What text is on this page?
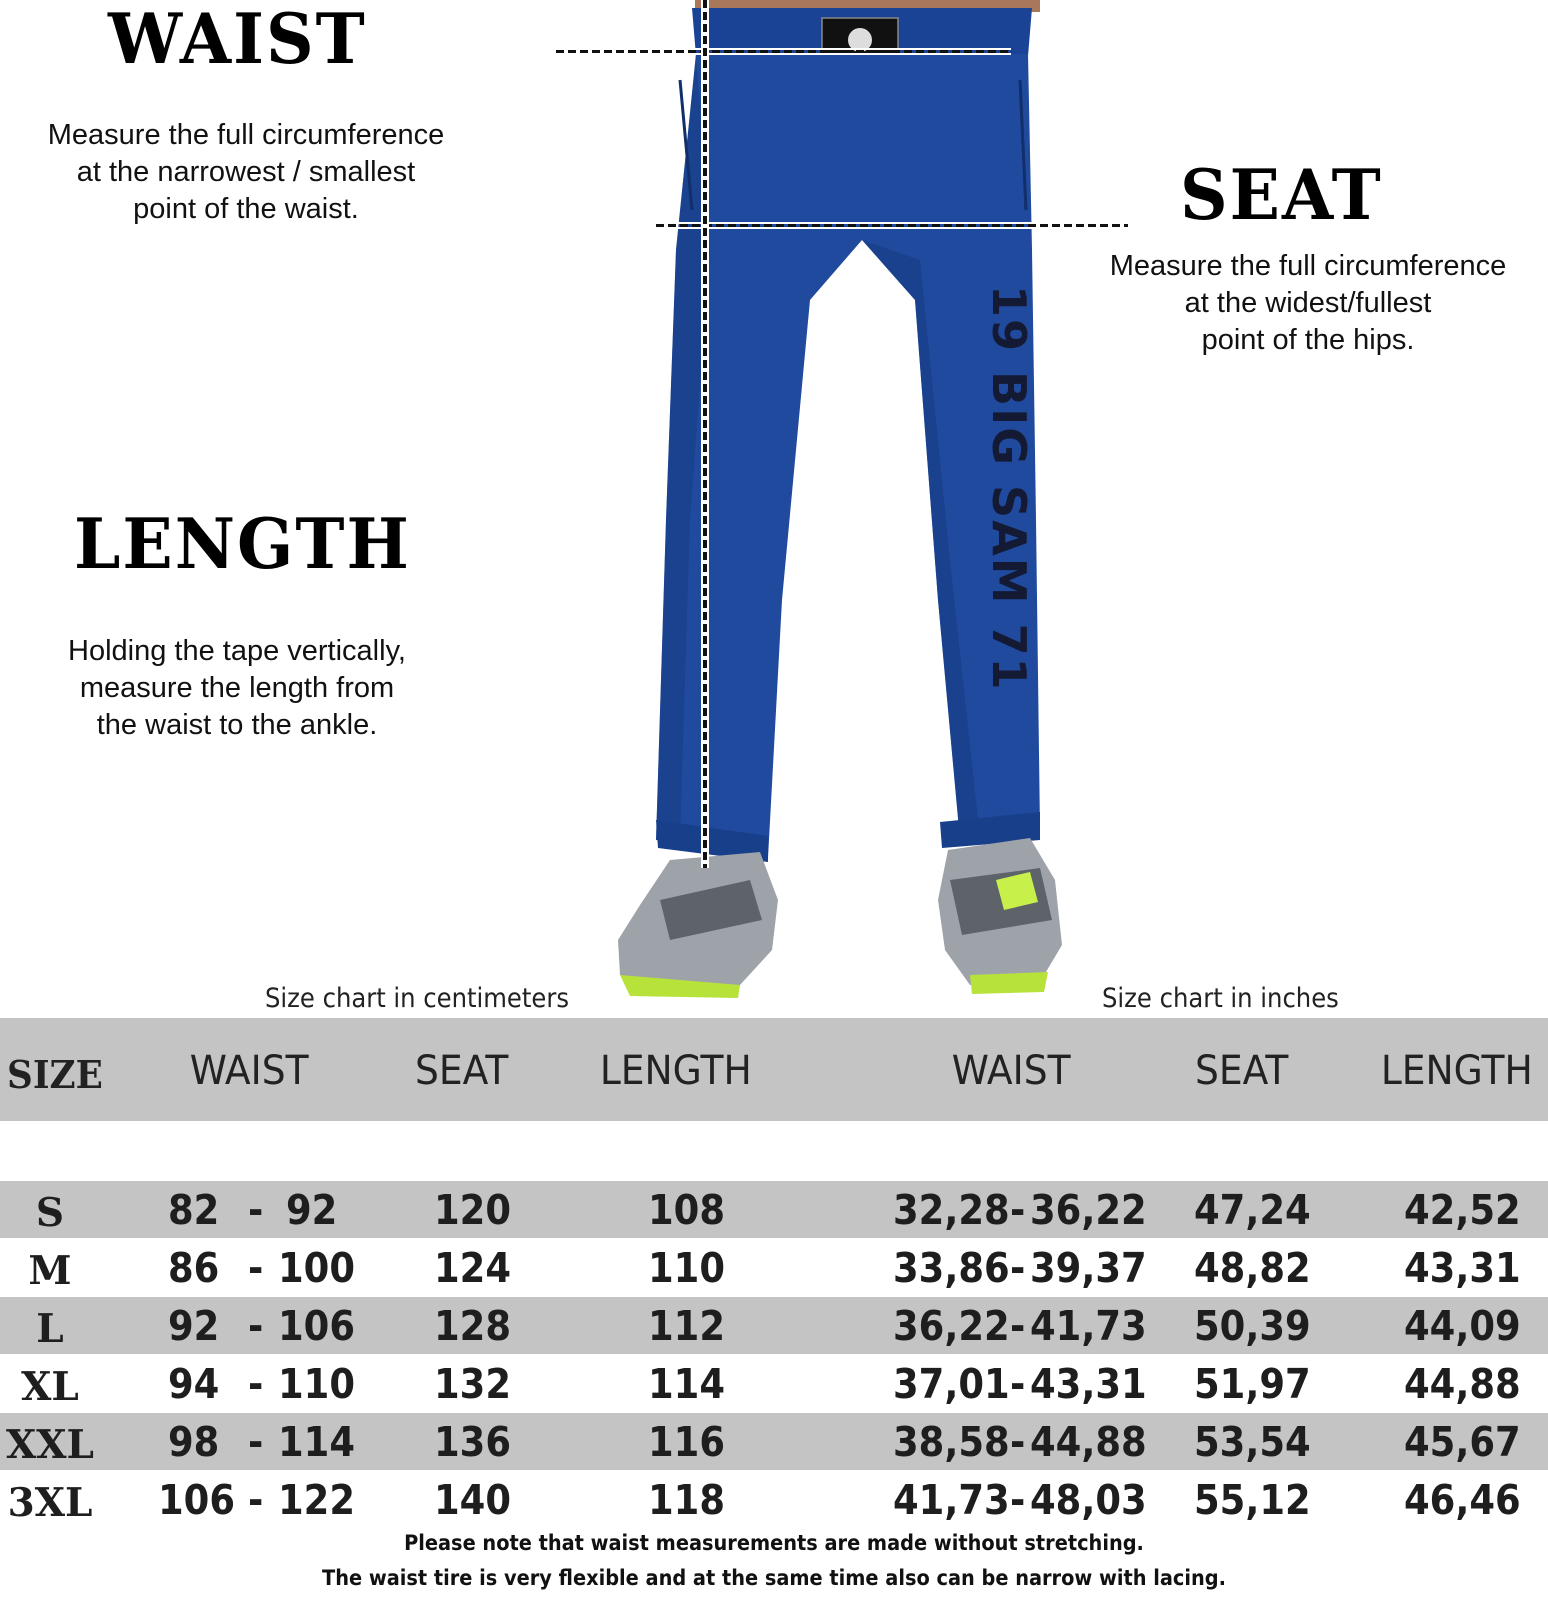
WAIST

Measure the full circumference
at the narrowest / smallest
point of the waist.	SEAT

Measure the full circumference
at the widest/fullest
point of the hips.

LENGTH

Holding the tape vertically,
measure the length from
the waist to the ankle.

19 BIG SAM 71

Size chart in centimeters	Size chart in inches

SIZE WAIST	SEAT LENGTH	WAIST	SEAT LENGTH
S	82 - 92 120	108	32,28 - 36,22 47,24 42,52
M	86 - 100 124	110	33,86 - 39,37 48,82 43,31
L	92 - 106 128	112	36,22 - 41,73 50,39 44,09
XL	94 - 110 132	114	37,01 - 43,31 51,97 44,88
XXL 98 - 114 136	116	38,58 - 44,88 53,54 45,67
3XL 106 - 122 140	118	41,73 - 48,03 55,12 46,46

Please note that waist measurements are made without stretching.

The waist tire is very flexible and at the same time also can be narrow with lacing.
